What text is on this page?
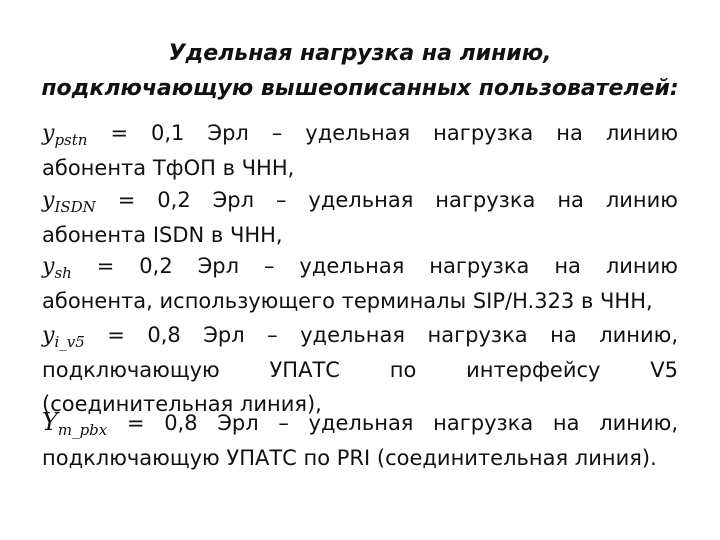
Удельная нагрузка на линию,
подключающую вышеописанных пользователей:
$y_{pstn} = 0,1$ Эрл – удельная нагрузка на линию
абонента ТфОП в ЧНН,
$y_{ISDN} = 0,2$ Эрл – удельная нагрузка на линию
абонента ISDN в ЧНН,
$y_{sh} = 0,2$ Эрл – удельная нагрузка на линию
абонента, использующего терминалы SIP/H.323 в ЧНН,
$y_{i\_v5} = 0,8$ Эрл – удельная нагрузка на линию,
подключающую УПАТС по интерфейсу V5
(соединительная линия),
$Y_{m\_pbx} = 0,8$ Эрл – удельная нагрузка на линию,
подключающую УПАТС по PRI (соединительная линия).
